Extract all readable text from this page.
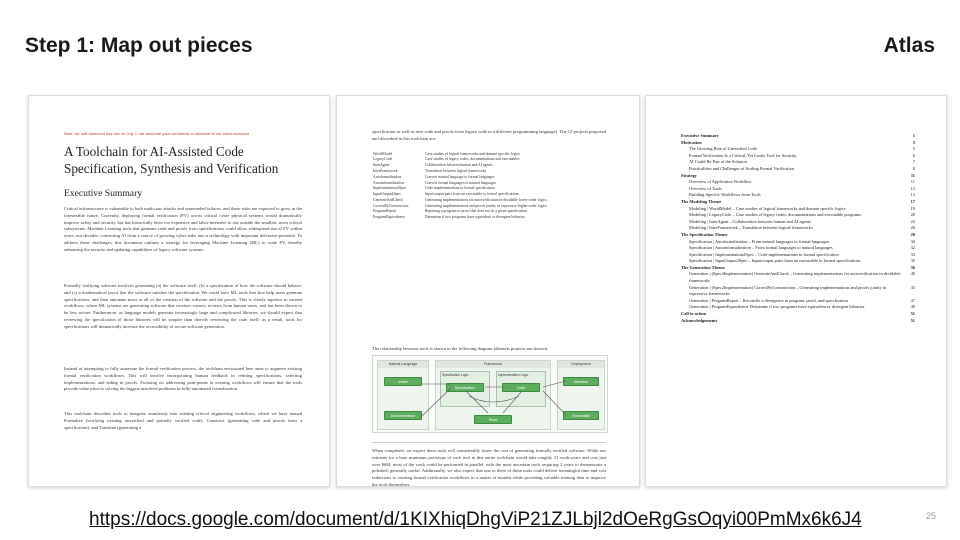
Step 1: Map out pieces	Atlas
Note: we soft-launched this doc on July 1; we welcome your comments in advance of our announcement
A Toolchain for AI-Assisted Code Specification, Synthesis and Verification
Executive Summary
Critical infrastructure is vulnerable to both malicious attacks and unintended failures, and these risks are expected to grow in the foreseeable future. Currently, deploying formal verification (FV) across critical cyber physical systems would dramatically improve safety and security, but has historically been too expensive and labor-intensive to use outside the smallest, most critical subsystems. Machine Learning tools that generate code and proofs from specifications could allow widespread use of FV within years, not decades, converting AI from a source of growing cyber risks into a technology with important defensive potential. To address these challenges, this document outlines a strategy for leveraging Machine Learning (ML) to scale FV, thereby enhancing the security and updating capabilities of legacy software systems.
Formally verifying software involves generating (a) the software itself, (b) a specification of how the software should behave, and (c) a mathematical proof that the software satisfies the specification. We could have ML tools that first help users generate specifications, and then automate most or all of the creation of the software and the proofs. This is clearly superior to current workflows, where ML systems are generating software that receives cursory reviews from human users, and has been shown to be less secure. Furthermore, as language models generate increasingly large and complicated libraries, we should expect that reviewing the specification of those libraries will be simpler than directly reviewing the code itself; as a result, tools for specifications will dramatically increase the accessibility of secure software generation.
Instead of attempting to fully automate the formal verification process, the toolchain envisioned here aims to augment existing formal verification workflows. This will involve incorporating human feedback in refining specifications, selecting implementations, and aiding in proofs. Focusing on addressing pain-points in existing workflows will ensure that the tools provide value prior to solving the biggest unsolved problems in fully-automated formalization.
This toolchain describes tools to integrate seamlessly into existing critical engineering workflows, which we have named Formalize (verifying existing unverified and partially verified code), Construct (generating code and proofs from a specification), and Translate (generating a
specification as well as new code and proofs from legacy code in a different programming language). The 12 projects proposed and described in this toolchain are:
WorldModel	Case studies of logical frameworks and domain specific logics
LegacyCode	Case studies of legacy codes, documentations and executables
InterAgent	Collaboration between human and AI agents
InterFramework	Translation between logical frameworks
Autoformalization	Convert natural language to formal languages
Autoinformalization	Convert formal languages to natural languages
Implementation2Spec	Code implementations to formal specification
InputOutput2Spec	Input/output pairs from an executable to formal specifications
GenerateAndCheck	Generating implementations for autoverification in decidable lower-order logics
CorrectByConstruction	Generating implementations and proofs jointly in expressive higher-order logics
ProgramRepair	Repairing a program or proof that does not fit a given specification
ProgramEquivalence	Determine if two programs have equivalent or divergent behavior.
The relationship between tools is shown in the following diagram (datasets projects not shown).
Natural Language
Intent
Documentation
Framework
Specification Logic	Implementation Logic
Specification	Code
Proof
Deployment
Interface
Executable
When completed, we expect these tools will considerably lower the cost of generating formally verified software. While our estimate for a bare minimum prototype of each tool in this entire toolchain would take roughly 21 work-years and cost just over $6M, most of the work could be performed in parallel, with the most uncertain tools requiring 2 years to demonstrate a polished, generally useful. Additionally, we also expect that one to three of these tools could deliver meaningful time and cost reductions to existing formal verification workflows in a matter of months while providing valuable training data to improve the tools themselves.
Executive Summary	1
Motivation	5
The Growing Risk of Unverified Code	5
Formal Verification Is a Critical, Yet Costly Tool for Security	6
AI Could Be Part of the Solution	7
Practicalities and Challenges of Scaling Formal Verification	8
Strategy	11
Overview of Application Workflow	11
Overview of Tools	12
Building Specific Workflows from Tools	13
The Modeling Theme	17
Modeling | WorldModel – Case studies of logical frameworks and domain specific logics	19
Modeling | LegacyCode – Case studies of legacy codes, documentations and executable programs	20
Modeling | InterAgent – Collaboration between human and AI agents	22
Modeling | InterFramework – Translation between logical frameworks	26
The Specification Theme	28
Specification | Autoformalization – From natural languages to formal languages	30
Specification | Autoinformalization – From formal languages to natural languages	32
Specification | Implementation2Spec – Code implementations to formal specification	33
Specification | InputOutput2Spec – Input/output pairs from an executable to formal specifications	35
The Generation Theme	36
Generation | (Spec2Implementation) GenerateAndCheck – Generating implementations for autoverification in decidable frameworks
40
Generation | (Spec2Implementation) CorrectByConstruction – Generating implementations and proofs jointly in expressive frameworks
43
Generation | ProgramRepair – Reconcile a divergence in program, proof, and specification	47
Generation | ProgramEquivalence Determine if two programs have equivalent or divergent behavior	49
Call to action	51
Acknowledgements	51
https://docs.google.com/document/d/1KIXhiqDhgViP21ZJLbjl2dOeRgGsOqyi00PmMx6k6J4	25
